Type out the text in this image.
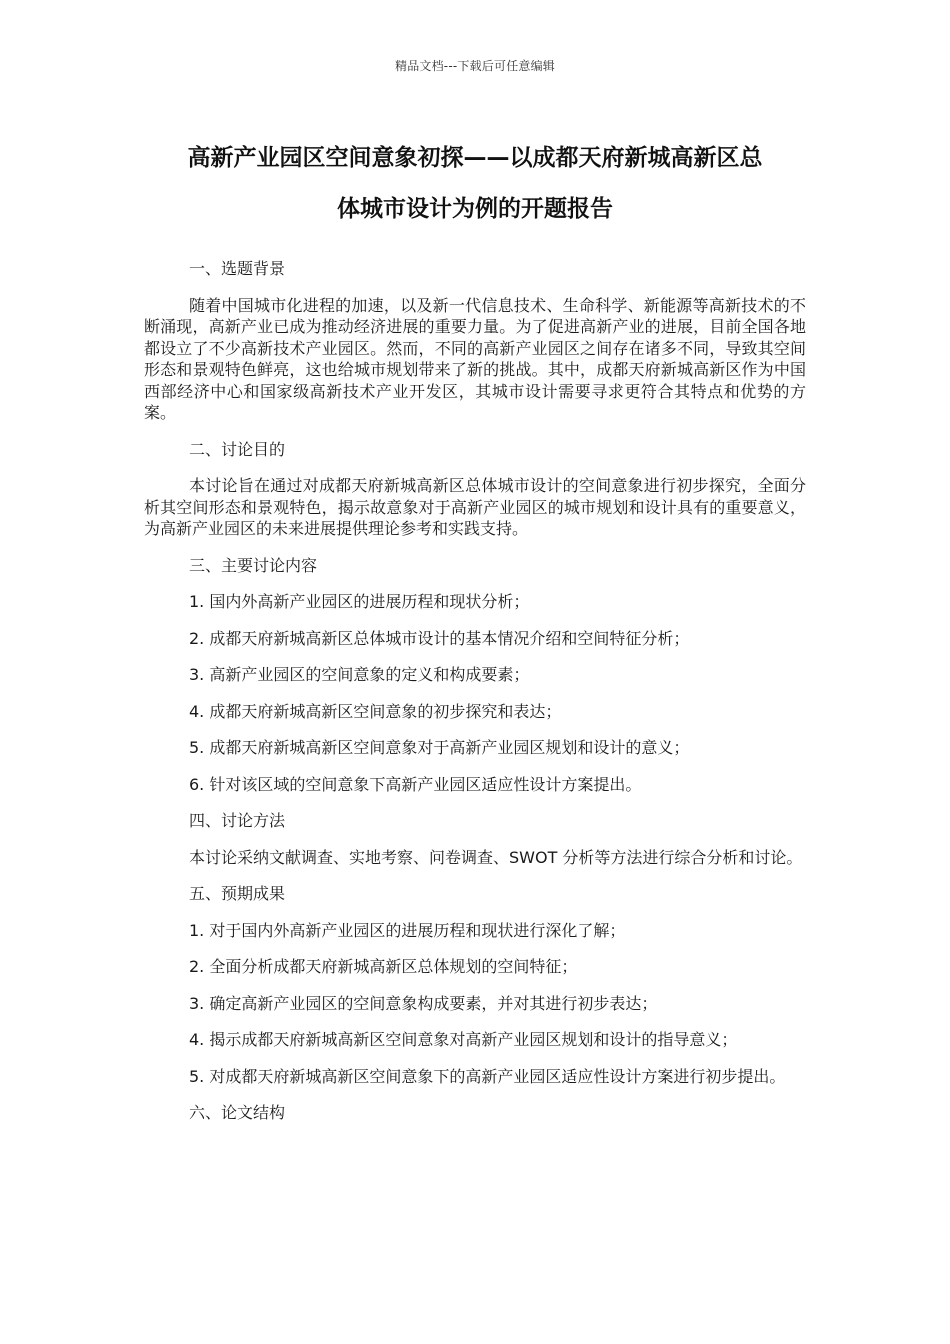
精品文档---下载后可任意编辑
高新产业园区空间意象初探——以成都天府新城高新区总
体城市设计为例的开题报告
一、选题背景
随着中国城市化进程的加速，以及新一代信息技术、生命科学、新能源等高新技术的不断涌现，高新产业已成为推动经济进展的重要力量。为了促进高新产业的进展，目前全国各地都设立了不少高新技术产业园区。然而，不同的高新产业园区之间存在诸多不同，导致其空间形态和景观特色鲜亮，这也给城市规划带来了新的挑战。其中，成都天府新城高新区作为中国西部经济中心和国家级高新技术产业开发区，其城市设计需要寻求更符合其特点和优势的方案。
二、讨论目的
本讨论旨在通过对成都天府新城高新区总体城市设计的空间意象进行初步探究，全面分析其空间形态和景观特色，揭示故意象对于高新产业园区的城市规划和设计具有的重要意义，为高新产业园区的未来进展提供理论参考和实践支持。
三、主要讨论内容
1. 国内外高新产业园区的进展历程和现状分析；
2. 成都天府新城高新区总体城市设计的基本情况介绍和空间特征分析；
3. 高新产业园区的空间意象的定义和构成要素；
4. 成都天府新城高新区空间意象的初步探究和表达；
5. 成都天府新城高新区空间意象对于高新产业园区规划和设计的意义；
6. 针对该区域的空间意象下高新产业园区适应性设计方案提出。
四、讨论方法
本讨论采纳文献调查、实地考察、问卷调查、SWOT 分析等方法进行综合分析和讨论。
五、预期成果
1. 对于国内外高新产业园区的进展历程和现状进行深化了解；
2. 全面分析成都天府新城高新区总体规划的空间特征；
3. 确定高新产业园区的空间意象构成要素，并对其进行初步表达；
4. 揭示成都天府新城高新区空间意象对高新产业园区规划和设计的指导意义；
5. 对成都天府新城高新区空间意象下的高新产业园区适应性设计方案进行初步提出。
六、论文结构
